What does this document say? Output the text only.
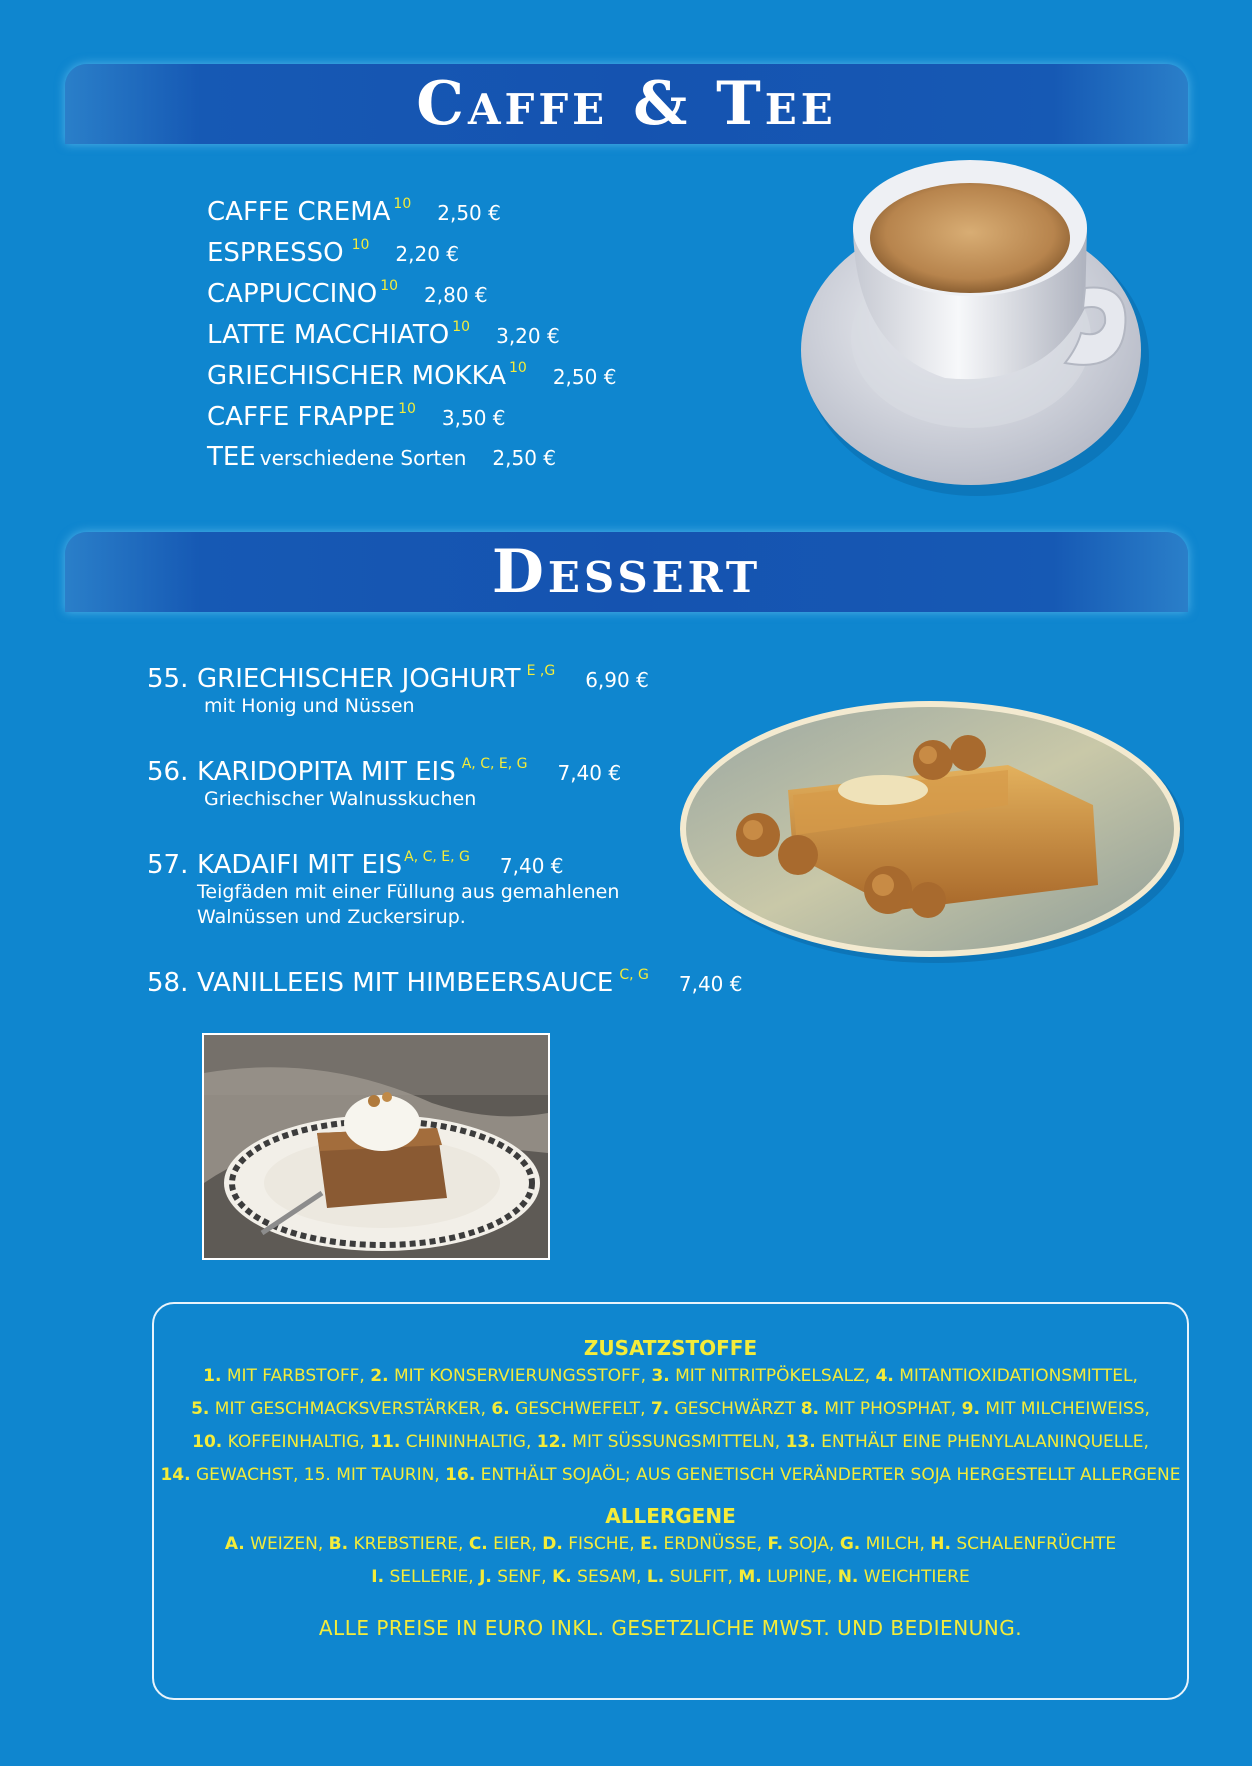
Caffe & Tee
CAFFE CREMA $^{10}$ 2,50 €
ESPRESSO $^{10}$ 2,20 €
CAPPUCCINO $^{10}$ 2,80 €
LATTE MACCHIATO $^{10}$ 3,20 €
GRIECHISCHER MOKKA $^{10}$ 2,50 €
CAFFE FRAPPE $^{10}$ 3,50 €
TEE verschiedene Sorten 2,50 €
Dessert
55. GRIECHISCHER JOGHURT $^{E ,G}$ 6,90 €
mit Honig und Nüssen
56. KARIDOPITA MIT EIS $^{A, C, E, G}$ 7,40 €
Griechischer Walnusskuchen
57. KADAIFI MIT EIS $^{A, C, E, G}$ 7,40 €
Teigfäden mit einer Füllung aus gemahlenen
Walnüssen und Zuckersirup.
58. VANILLEEIS MIT HIMBEERSAUCE $^{C, G}$ 7,40 €
ZUSATZSTOFFE
1. MIT FARBSTOFF, 2. MIT KONSERVIERUNGSSTOFF, 3. MIT NITRITPÖKELSALZ, 4. MITANTIOXIDATIONSMITTEL,
5. MIT GESCHMACKSVERSTÄRKER, 6. GESCHWEFELT, 7. GESCHWÄRZT 8. MIT PHOSPHAT, 9. MIT MILCHEIWEISS,
10. KOFFEINHALTIG, 11. CHININHALTIG, 12. MIT SÜSSUNGSMITTELN, 13. ENTHÄLT EINE PHENYLALANINQUELLE,
14. GEWACHST, 15. MIT TAURIN, 16. ENTHÄLT SOJAÖL; AUS GENETISCH VERÄNDERTER SOJA HERGESTELLT ALLERGENE
ALLERGENE
A. WEIZEN, B. KREBSTIERE, C. EIER, D. FISCHE, E. ERDNÜSSE, F. SOJA, G. MILCH, H. SCHALENFRÜCHTE
I. SELLERIE, J. SENF, K. SESAM, L. SULFIT, M. LUPINE, N. WEICHTIERE
ALLE PREISE IN EURO INKL. GESETZLICHE MWST. UND BEDIENUNG.
